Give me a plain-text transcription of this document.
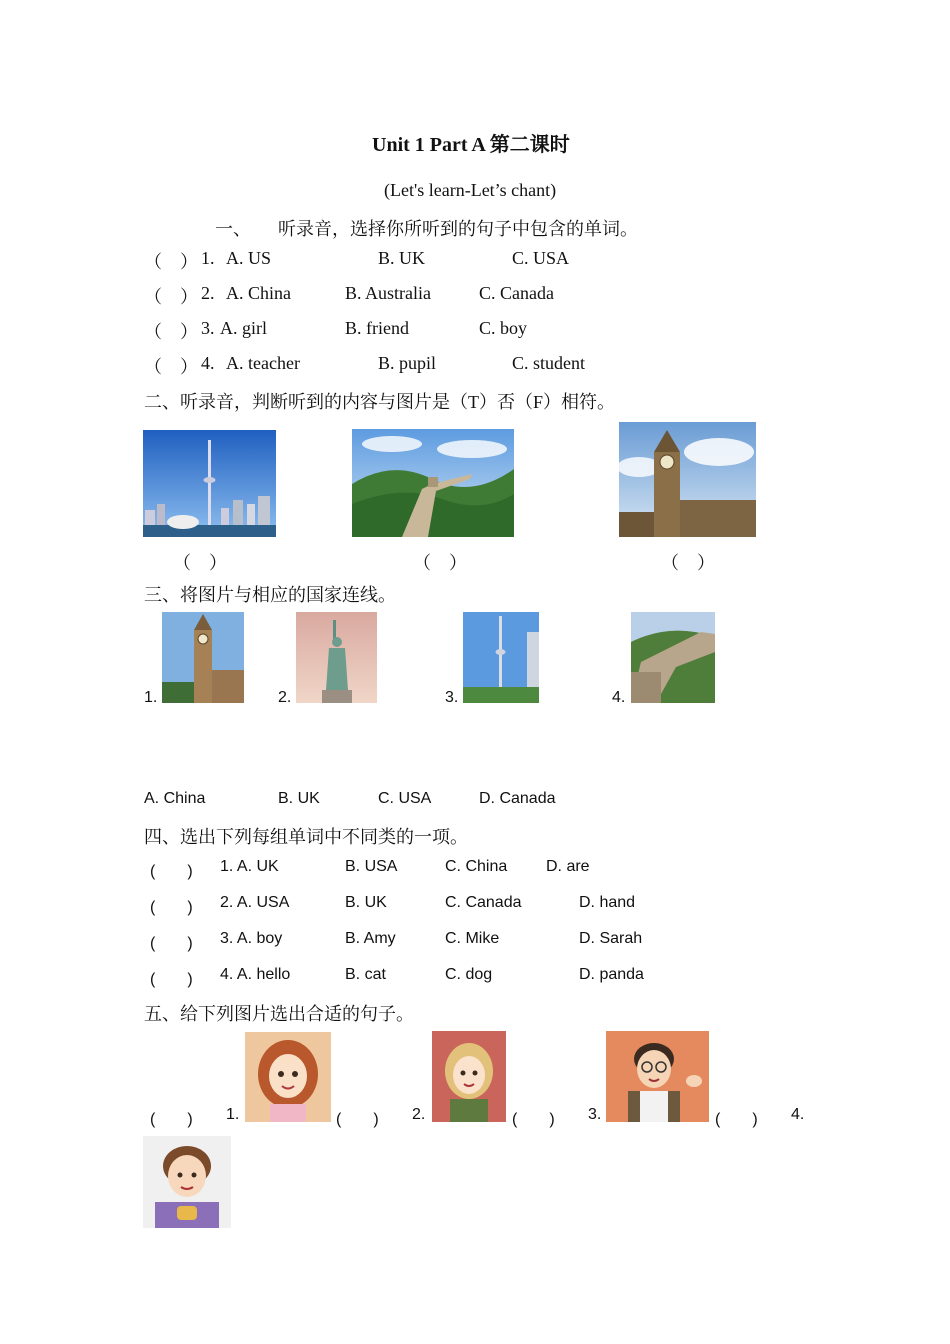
Unit 1 Part A 第二课时
(Let's learn-Let’s chant)
一、 听录音，选择你所听到的句子中包含的单词。
（　） 1. A. US	B. UK	C. USA
（　） 2. A. China	B. Australia	C. Canada
（　） 3. A. girl	B. friend	C. boy
（　） 4. A. teacher	B. pupil	C. student
二、听录音，判断听到的内容与图片是（T）否（F）相符。
（　）	（　）	（　）
三、将图片与相应的国家连线。
1.	2.	3.	4.
A. China	B. UK	C. USA	D. Canada
四、选出下列每组单词中不同类的一项。
(　　) 1. A. UK	B. USA	C. China D. are
(　　) 2. A. USA	B. UK	C. Canada	D. hand
(　　) 3. A. boy	B. Amy	C. Mike	D. Sarah
(　　) 4. A. hello	B. cat	C. dog	D. panda
五、给下列图片选出合适的句子。
(　　) 1.	(　　) 2.	(　　) 3.	(　　) 4.
